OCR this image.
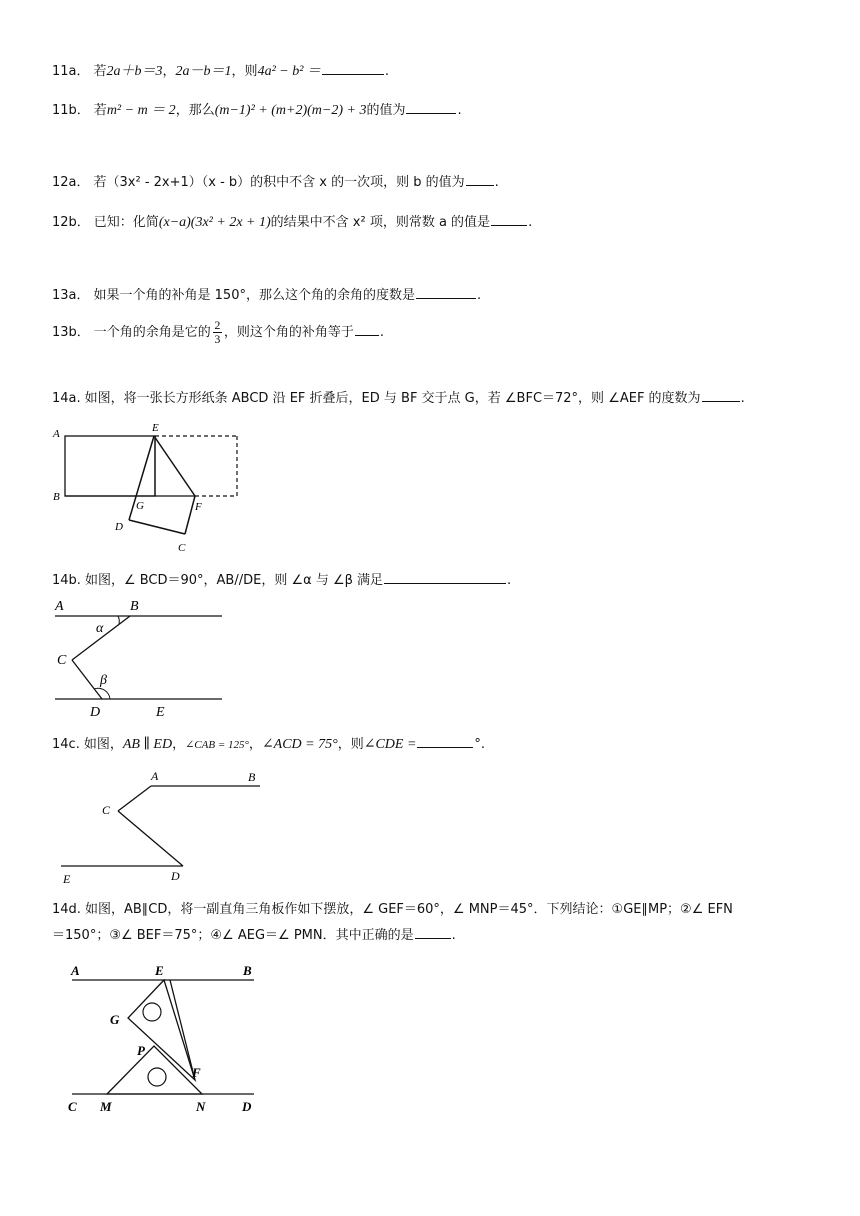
11a． 若2a＋b＝3，2a－b＝1，则4a² − b² ＝	.
11b． 若m² − m ＝ 2，那么(m−1)² + (m+2)(m−2) + 3的值为	.
12a． 若（3x² - 2x+1）（x - b）的积中不含 x 的一次项，则 b 的值为 .
12b． 已知：化简(x−a)(3x² + 2x + 1)的结果中不含 x² 项，则常数 a 的值是	.
13a． 如果一个角的补角是 150°，那么这个角的余角的度数是	.
13b． 一个角的余角是它的 $\frac{2}{3}$ ，则这个角的补角等于 .
14a. 如图，将一张长方形纸条 ABCD 沿 EF 折叠后，ED 与 BF 交于点 G，若 ∠BFC＝72°，则 ∠AEF 的度数为	.
A	E
B
G	F
D
C
14b. 如图，∠ BCD＝90°，AB//DE，则 ∠α 与 ∠β 满足	.
A	B
α
C
β
D	E
14c. 如图，AB ∥ ED，∠CAB = 125°，∠ACD = 75°，则∠CDE =	°.
A	B
C
E	D
14d. 如图，AB∥CD，将一副直角三角板作如下摆放，∠ GEF＝60°，∠ MNP＝45°．下列结论：①GE∥MP；②∠ EFN
＝150°；③∠ BEF＝75°；④∠ AEG＝∠ PMN．其中正确的是	.
A	E	B
G
P
F
C M	N	D
